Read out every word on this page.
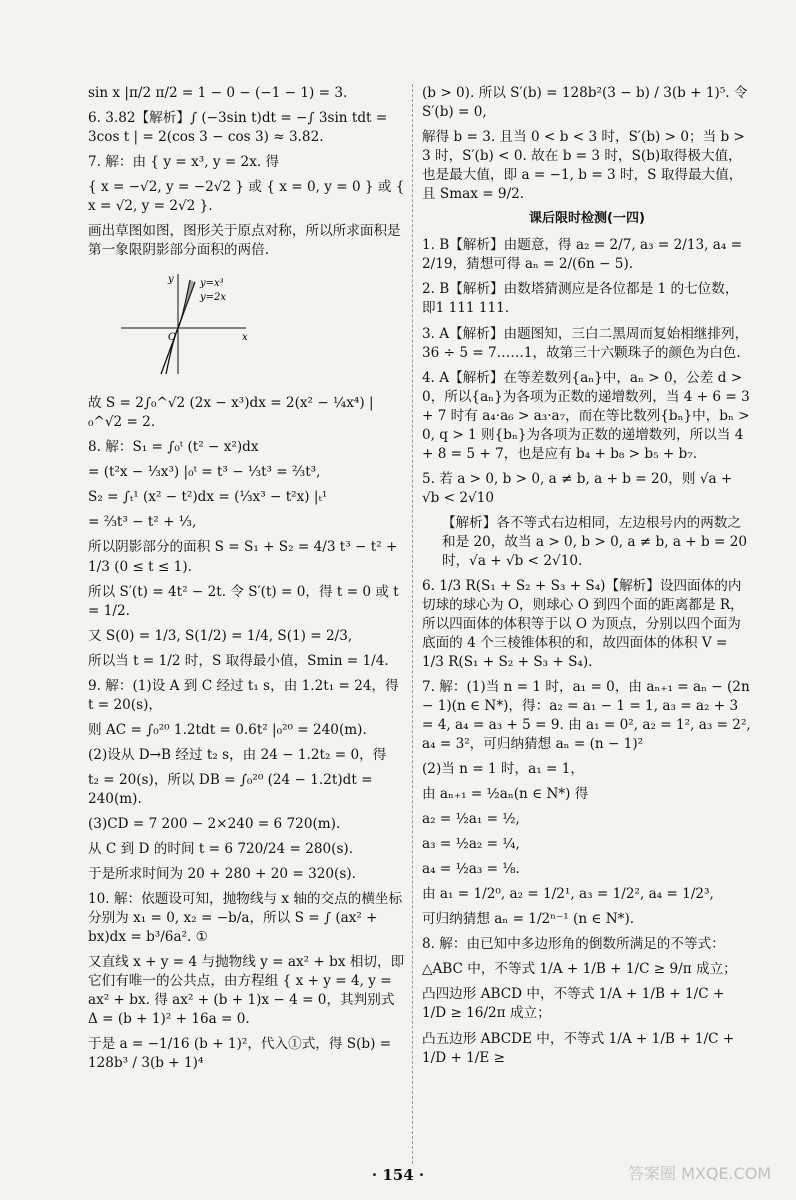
sin x |π/2 π/2 = 1 − 0 − (−1 − 1) = 3.

6. 3.82【解析】∫ (−3sin t)dt = −∫ 3sin tdt = 3cos t | = 2(cos 3 − cos 3) ≈ 3.82.

7. 解：由 { y = x³, y = 2x. 得

{ x = −√2, y = −2√2 } 或 { x = 0, y = 0 } 或 { x = √2, y = 2√2 }.

画出草图如图，图形关于原点对称，所以所求面积是第一象限阴影部分面积的两倍.

y=x³
y=2x
x
y
O

故 S = 2∫₀^√2 (2x − x³)dx = 2(x² − ¼x⁴) |₀^√2 = 2.

8. 解：S₁ = ∫₀ᵗ (t² − x²)dx

= (t²x − ⅓x³) |₀ᵗ = t³ − ⅓t³ = ⅔t³,

S₂ = ∫ₜ¹ (x² − t²)dx = (⅓x³ − t²x) |ₜ¹

= ⅔t³ − t² + ⅓,

所以阴影部分的面积 S = S₁ + S₂ = 4/3 t³ − t² + 1/3 (0 ≤ t ≤ 1).

所以 S′(t) = 4t² − 2t. 令 S′(t) = 0，得 t = 0 或 t = 1/2.

又 S(0) = 1/3, S(1/2) = 1/4, S(1) = 2/3,

所以当 t = 1/2 时，S 取得最小值，Smin = 1/4.

9. 解：(1)设 A 到 C 经过 t₁ s，由 1.2t₁ = 24，得 t = 20(s)，

则 AC = ∫₀²⁰ 1.2tdt = 0.6t² |₀²⁰ = 240(m).

(2)设从 D→B 经过 t₂ s，由 24 − 1.2t₂ = 0，得

t₂ = 20(s)，所以 DB = ∫₀²⁰ (24 − 1.2t)dt = 240(m).

(3)CD = 7 200 − 2×240 = 6 720(m).

从 C 到 D 的时间 t = 6 720/24 = 280(s).

于是所求时间为 20 + 280 + 20 = 320(s).

10. 解：依题设可知，抛物线与 x 轴的交点的横坐标分别为 x₁ = 0, x₂ = −b/a，所以 S = ∫ (ax² + bx)dx = b³/6a². ①

又直线 x + y = 4 与抛物线 y = ax² + bx 相切，即它们有唯一的公共点，由方程组 { x + y = 4, y = ax² + bx. 得 ax² + (b + 1)x − 4 = 0，其判别式 Δ = (b + 1)² + 16a = 0.

于是 a = −1/16 (b + 1)²，代入①式，得 S(b) = 128b³ / 3(b + 1)⁴

(b > 0). 所以 S′(b) = 128b²(3 − b) / 3(b + 1)⁵. 令 S′(b) = 0,

解得 b = 3. 且当 0 < b < 3 时，S′(b) > 0；当 b > 3 时，S′(b) < 0. 故在 b = 3 时，S(b)取得极大值，也是最大值，即 a = −1, b = 3 时，S 取得最大值，且 Smax = 9/2.

课后限时检测(一四)

1. B【解析】由题意，得 a₂ = 2/7, a₃ = 2/13, a₄ = 2/19，猜想可得 aₙ = 2/(6n − 5).

2. B【解析】由数塔猜测应是各位都是 1 的七位数，即1 111 111.

3. A【解析】由题图知，三白二黑周而复始相继排列，36 ÷ 5 = 7……1，故第三十六颗珠子的颜色为白色.

4. A【解析】在等差数列{aₙ}中，aₙ > 0，公差 d > 0，所以{aₙ}为各项为正数的递增数列，当 4 + 6 = 3 + 7 时有 a₄·a₆ > a₃·a₇，而在等比数列{bₙ}中，bₙ > 0, q > 1 则{bₙ}为各项为正数的递增数列，所以当 4 + 8 = 5 + 7，也是应有 b₄ + b₈ > b₅ + b₇.

5. 若 a > 0, b > 0, a ≠ b, a + b = 20，则 √a + √b < 2√10

【解析】各不等式右边相同，左边根号内的两数之和是 20，故当 a > 0, b > 0, a ≠ b, a + b = 20 时，√a + √b < 2√10.

6. 1/3 R(S₁ + S₂ + S₃ + S₄)【解析】设四面体的内切球的球心为 O，则球心 O 到四个面的距离都是 R，所以四面体的体积等于以 O 为顶点，分别以四个面为底面的 4 个三棱锥体积的和，故四面体的体积 V = 1/3 R(S₁ + S₂ + S₃ + S₄).

7. 解：(1)当 n = 1 时，a₁ = 0，由 aₙ₊₁ = aₙ − (2n − 1)(n ∈ N*)，得：a₂ = a₁ − 1 = 1, a₃ = a₂ + 3 = 4, a₄ = a₃ + 5 = 9. 由 a₁ = 0², a₂ = 1², a₃ = 2², a₄ = 3²，可归纳猜想 aₙ = (n − 1)²

(2)当 n = 1 时，a₁ = 1，

由 aₙ₊₁ = ½aₙ(n ∈ N*) 得

a₂ = ½a₁ = ½,

a₃ = ½a₂ = ¼,

a₄ = ½a₃ = ⅛.

由 a₁ = 1/2⁰, a₂ = 1/2¹, a₃ = 1/2², a₄ = 1/2³,

可归纳猜想 aₙ = 1/2ⁿ⁻¹ (n ∈ N*).

8. 解：由已知中多边形角的倒数所满足的不等式：

△ABC 中，不等式 1/A + 1/B + 1/C ≥ 9/π 成立；

凸四边形 ABCD 中，不等式 1/A + 1/B + 1/C + 1/D ≥ 16/2π 成立；

凸五边形 ABCDE 中，不等式 1/A + 1/B + 1/C + 1/D + 1/E ≥

· 154 ·	答案圈 MXQE.COM
